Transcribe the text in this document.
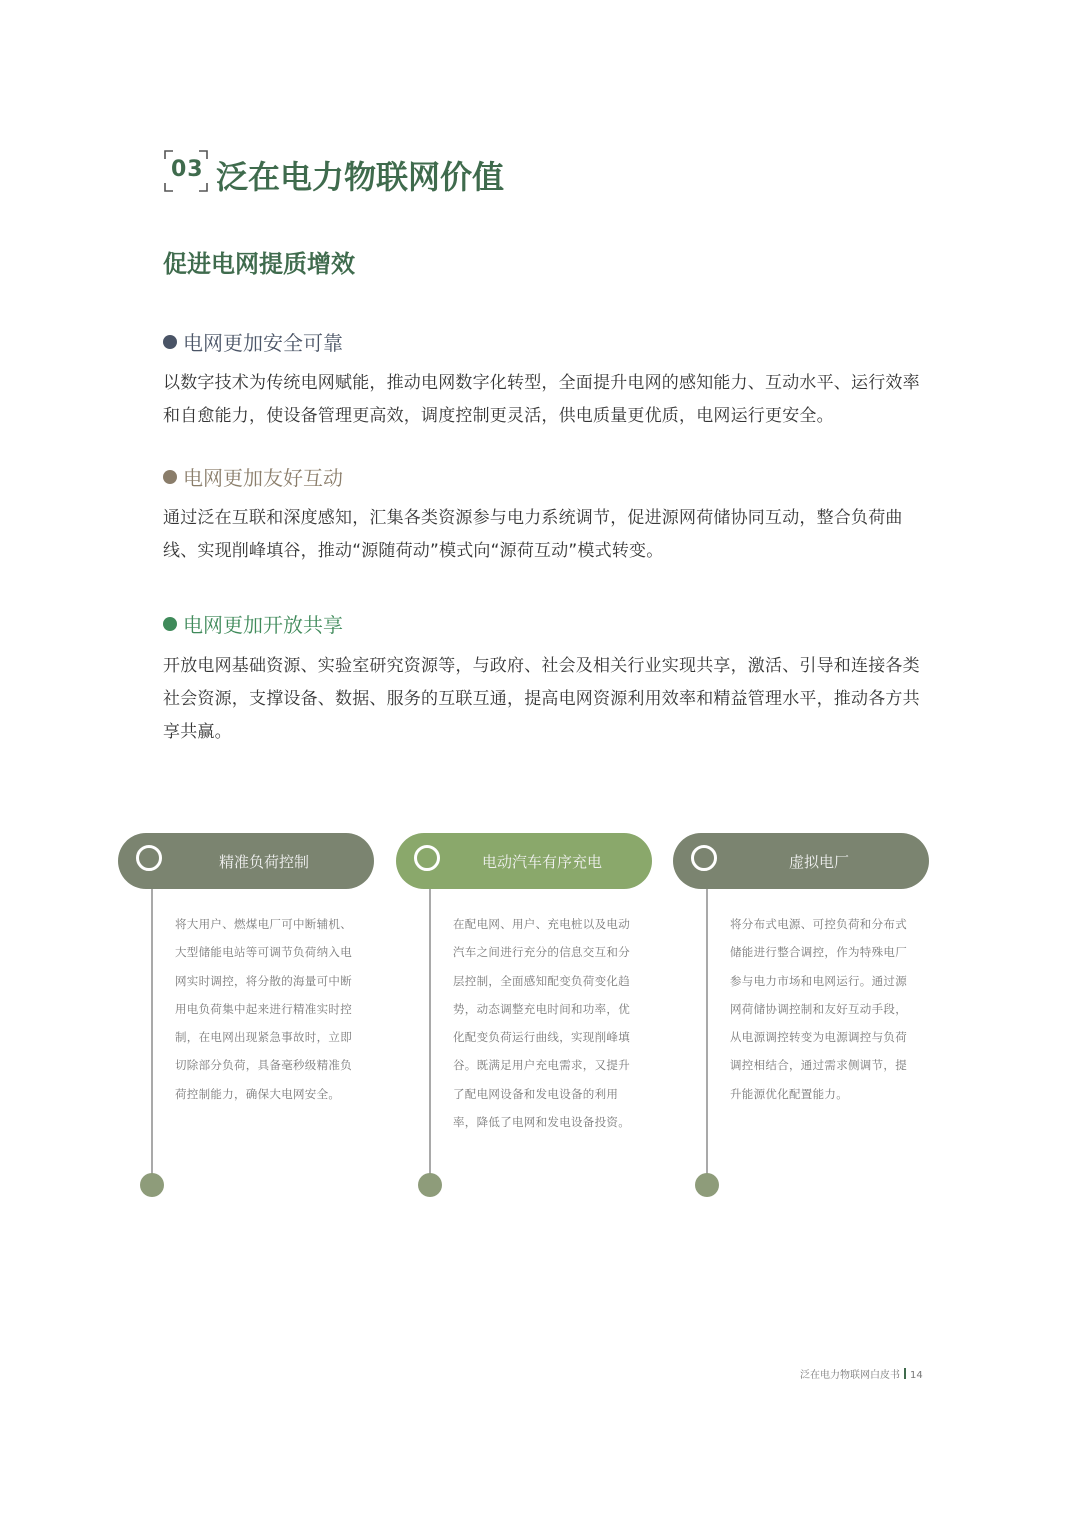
03 泛在电力物联网价值
促进电网提质增效
电网更加安全可靠
以数字技术为传统电网赋能，推动电网数字化转型，全面提升电网的感知能力、互动水平、运行效率和自愈能力，使设备管理更高效，调度控制更灵活，供电质量更优质，电网运行更安全。
电网更加友好互动
通过泛在互联和深度感知，汇集各类资源参与电力系统调节，促进源网荷储协同互动，整合负荷曲线、实现削峰填谷，推动“源随荷动”模式向“源荷互动”模式转变。
电网更加开放共享
开放电网基础资源、实验室研究资源等，与政府、社会及相关行业实现共享，激活、引导和连接各类社会资源，支撑设备、数据、服务的互联互通，提高电网资源利用效率和精益管理水平，推动各方共享共赢。
精准负荷控制
将大用户、燃煤电厂可中断辅机、大型储能电站等可调节负荷纳入电网实时调控，将分散的海量可中断用电负荷集中起来进行精准实时控制，在电网出现紧急事故时，立即切除部分负荷，具备毫秒级精准负荷控制能力，确保大电网安全。
电动汽车有序充电
在配电网、用户、充电桩以及电动汽车之间进行充分的信息交互和分层控制，全面感知配变负荷变化趋势，动态调整充电时间和功率，优化配变负荷运行曲线，实现削峰填谷。既满足用户充电需求，又提升了配电网设备和发电设备的利用率，降低了电网和发电设备投资。
虚拟电厂
将分布式电源、可控负荷和分布式储能进行整合调控，作为特殊电厂参与电力市场和电网运行。通过源网荷储协调控制和友好互动手段，从电源调控转变为电源调控与负荷调控相结合，通过需求侧调节，提升能源优化配置能力。
泛在电力物联网白皮书 14
